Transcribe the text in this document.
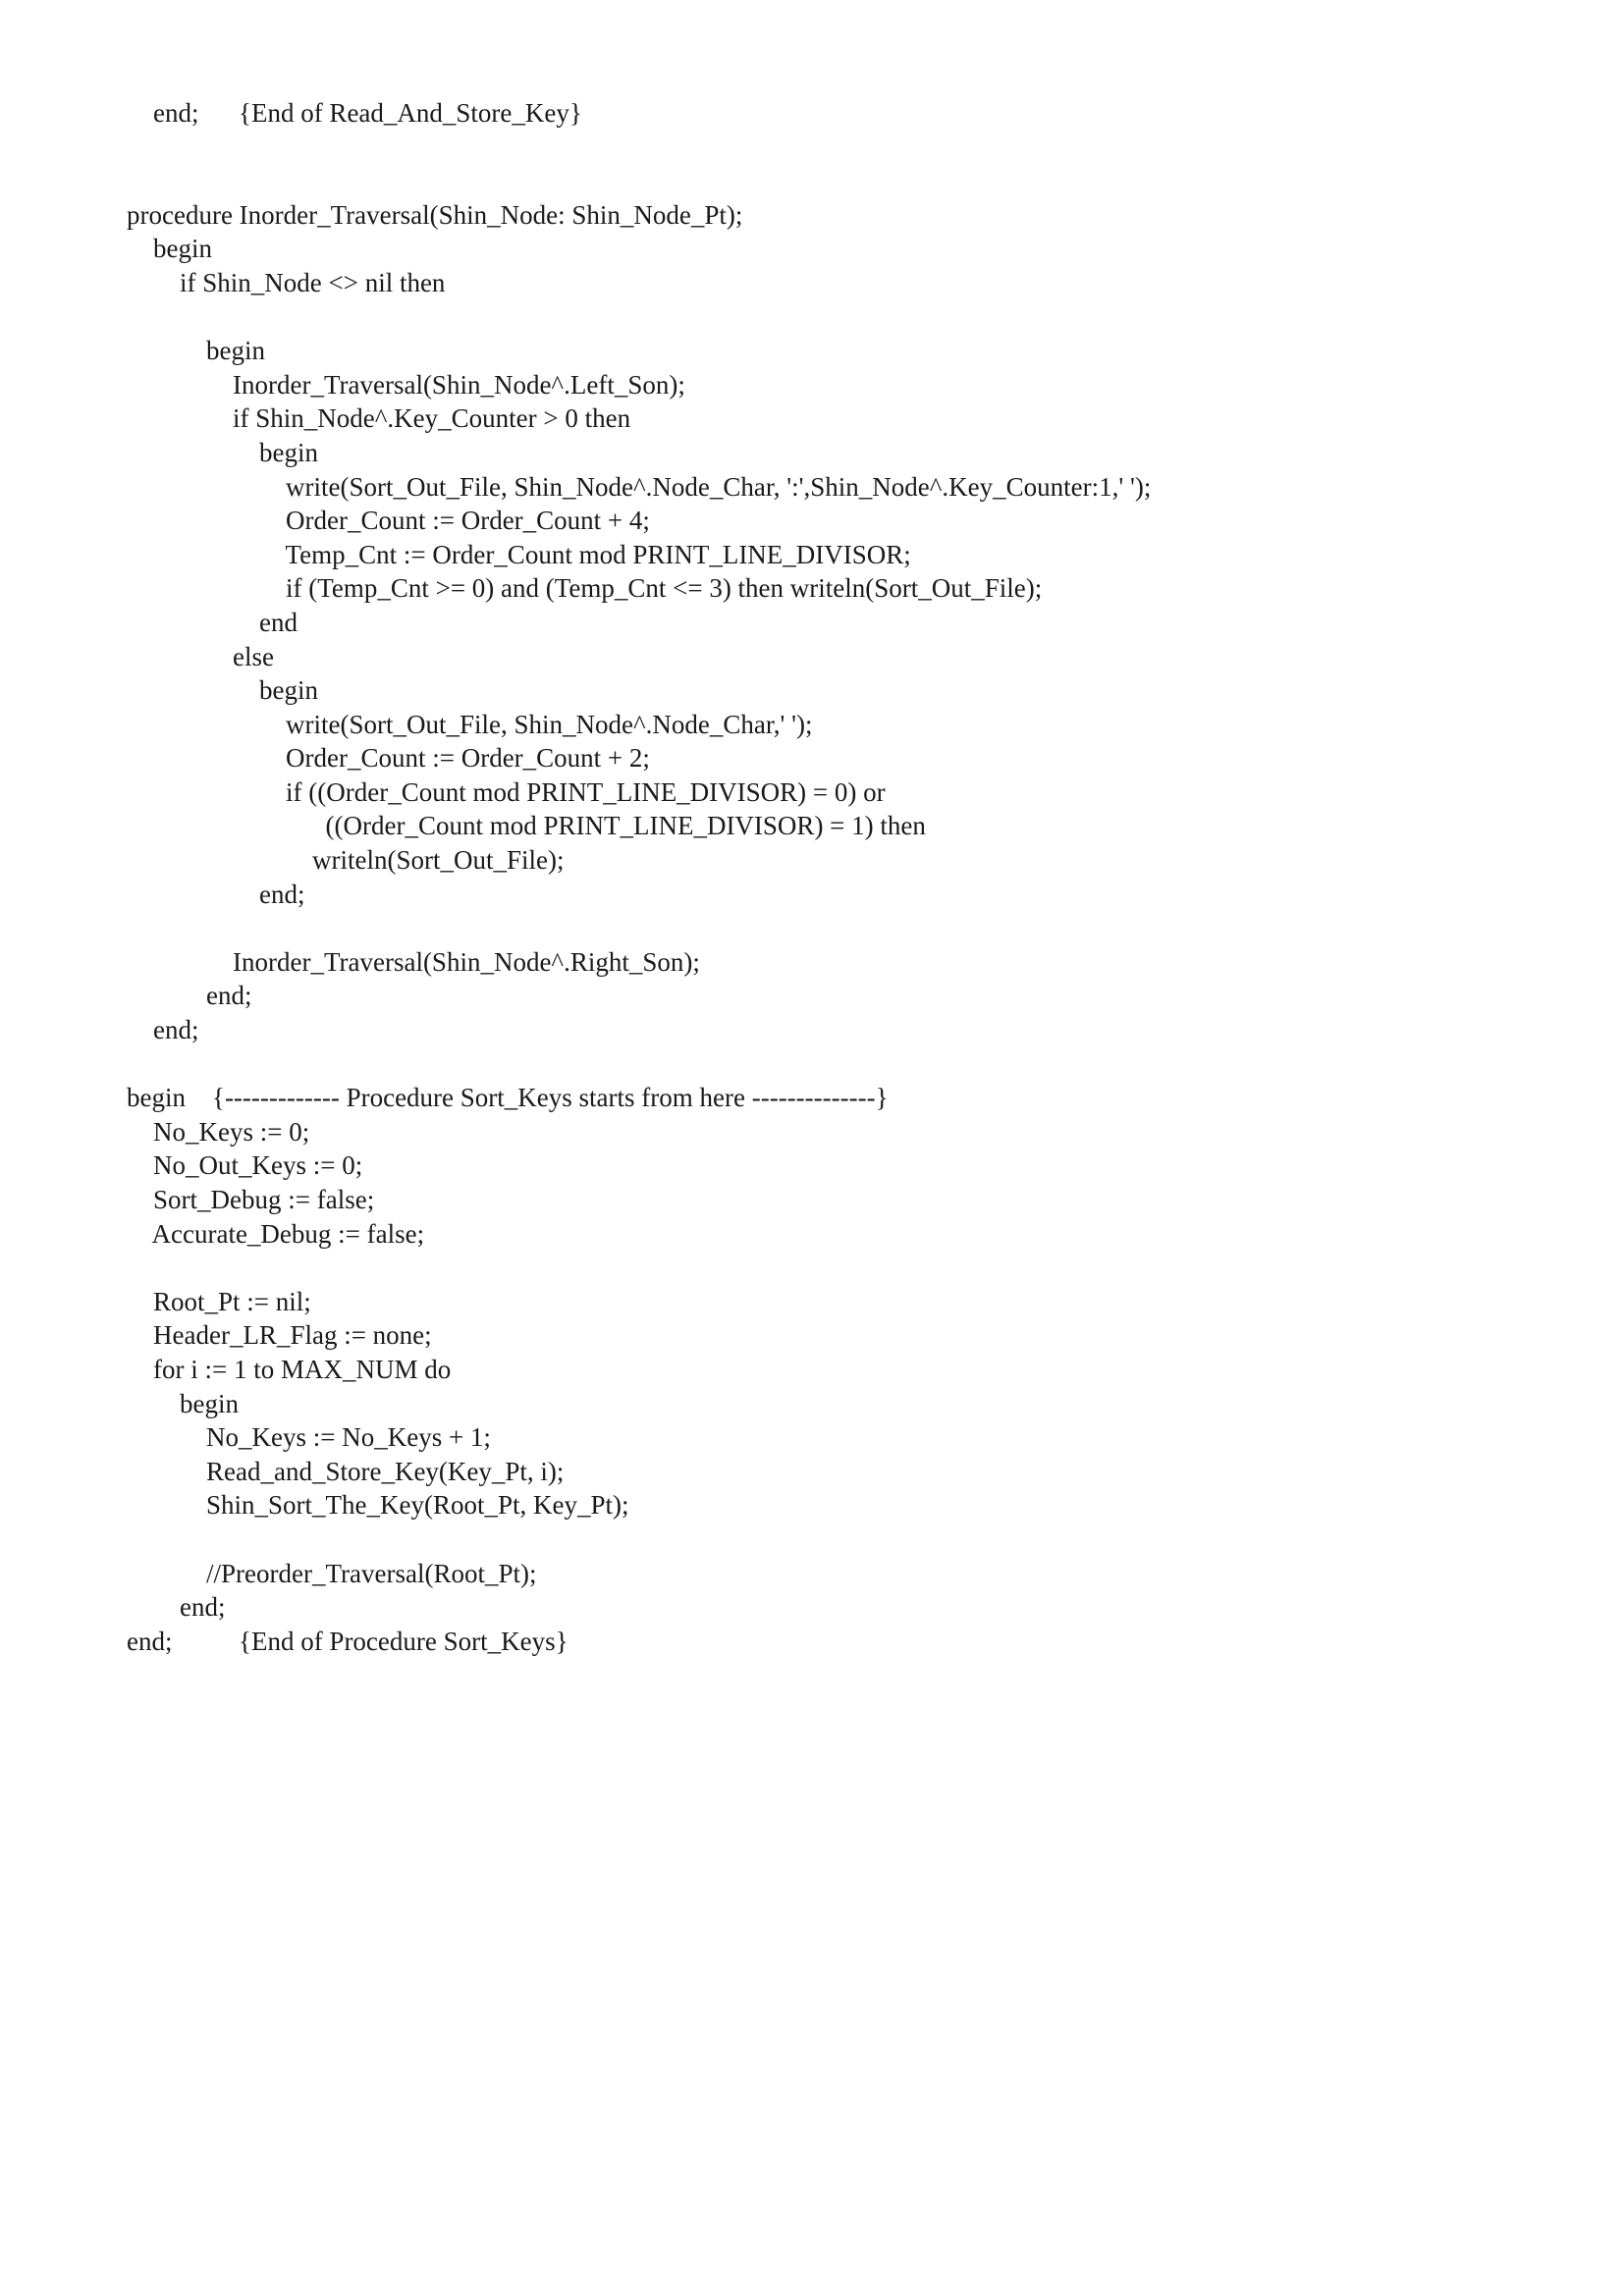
end;      {End of Read_And_Store_Key}
procedure Inorder_Traversal(Shin_Node: Shin_Node_Pt);
begin
if Shin_Node <> nil then
begin
Inorder_Traversal(Shin_Node^.Left_Son);
if Shin_Node^.Key_Counter > 0 then
begin
write(Sort_Out_File, Shin_Node^.Node_Char, ':',Shin_Node^.Key_Counter:1,' ');
Order_Count := Order_Count + 4;
Temp_Cnt := Order_Count mod PRINT_LINE_DIVISOR;
if (Temp_Cnt >= 0) and (Temp_Cnt <= 3) then writeln(Sort_Out_File);
end
else
begin
write(Sort_Out_File, Shin_Node^.Node_Char,' ');
Order_Count := Order_Count + 2;
if ((Order_Count mod PRINT_LINE_DIVISOR) = 0) or
((Order_Count mod PRINT_LINE_DIVISOR) = 1) then
writeln(Sort_Out_File);
end;
Inorder_Traversal(Shin_Node^.Right_Son);
end;
end;
begin    {------------- Procedure Sort_Keys starts from here --------------}
No_Keys := 0;
No_Out_Keys := 0;
Sort_Debug := false;
Accurate_Debug := false;
Root_Pt := nil;
Header_LR_Flag := none;
for i := 1 to MAX_NUM do
begin
No_Keys := No_Keys + 1;
Read_and_Store_Key(Key_Pt, i);
Shin_Sort_The_Key(Root_Pt, Key_Pt);
//Preorder_Traversal(Root_Pt);
end;
end;          {End of Procedure Sort_Keys}
